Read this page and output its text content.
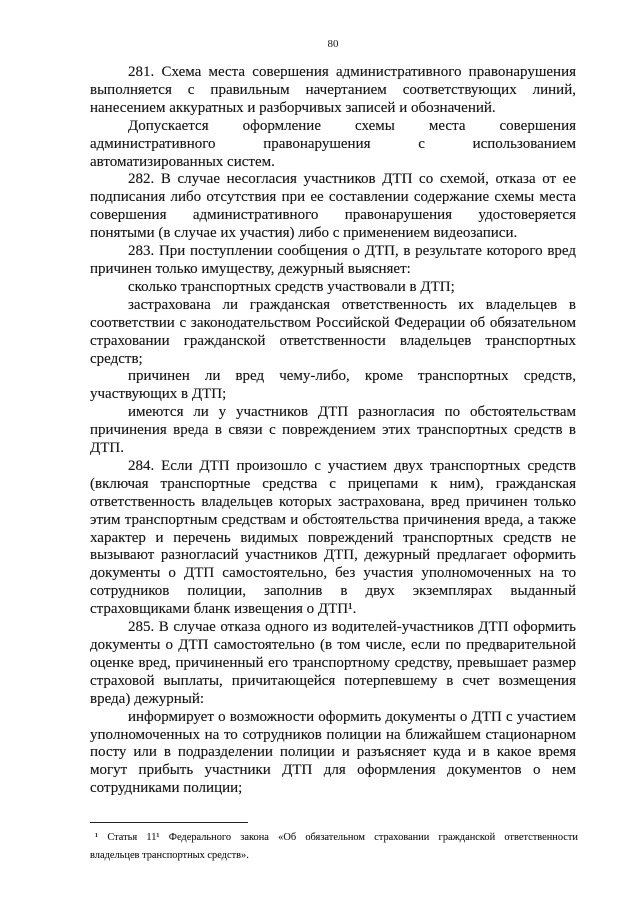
80
281. Схема места совершения административного правонарушения
выполняется с правильным начертанием соответствующих линий,
нанесением аккуратных и разборчивых записей и обозначений.
Допускается оформление схемы места совершения
административного правонарушения с использованием
автоматизированных систем.
282. В случае несогласия участников ДТП со схемой, отказа от ее
подписания либо отсутствия при ее составлении содержание схемы места
совершения административного правонарушения удостоверяется
понятыми (в случае их участия) либо с применением видеозаписи.
283. При поступлении сообщения о ДТП, в результате которого вред
причинен только имуществу, дежурный выясняет:
сколько транспортных средств участвовали в ДТП;
застрахована ли гражданская ответственность их владельцев в
соответствии с законодательством Российской Федерации об обязательном
страховании гражданской ответственности владельцев транспортных
средств;
причинен ли вред чему-либо, кроме транспортных средств,
участвующих в ДТП;
имеются ли у участников ДТП разногласия по обстоятельствам
причинения вреда в связи с повреждением этих транспортных средств в
ДТП.
284. Если ДТП произошло с участием двух транспортных средств
(включая транспортные средства с прицепами к ним), гражданская
ответственность владельцев которых застрахована, вред причинен только
этим транспортным средствам и обстоятельства причинения вреда, а также
характер и перечень видимых повреждений транспортных средств не
вызывают разногласий участников ДТП, дежурный предлагает оформить
документы о ДТП самостоятельно, без участия уполномоченных на то
сотрудников полиции, заполнив в двух экземплярах выданный
страховщиками бланк извещения о ДТП¹.
285. В случае отказа одного из водителей-участников ДТП оформить
документы о ДТП самостоятельно (в том числе, если по предварительной
оценке вред, причиненный его транспортному средству, превышает размер
страховой выплаты, причитающейся потерпевшему в счет возмещения
вреда) дежурный:
информирует о возможности оформить документы о ДТП с участием
уполномоченных на то сотрудников полиции на ближайшем стационарном
посту или в подразделении полиции и разъясняет куда и в какое время
могут прибыть участники ДТП для оформления документов о нем
сотрудниками полиции;
¹ Статья 11¹ Федерального закона «Об обязательном страховании гражданской ответственности
владельцев транспортных средств».
